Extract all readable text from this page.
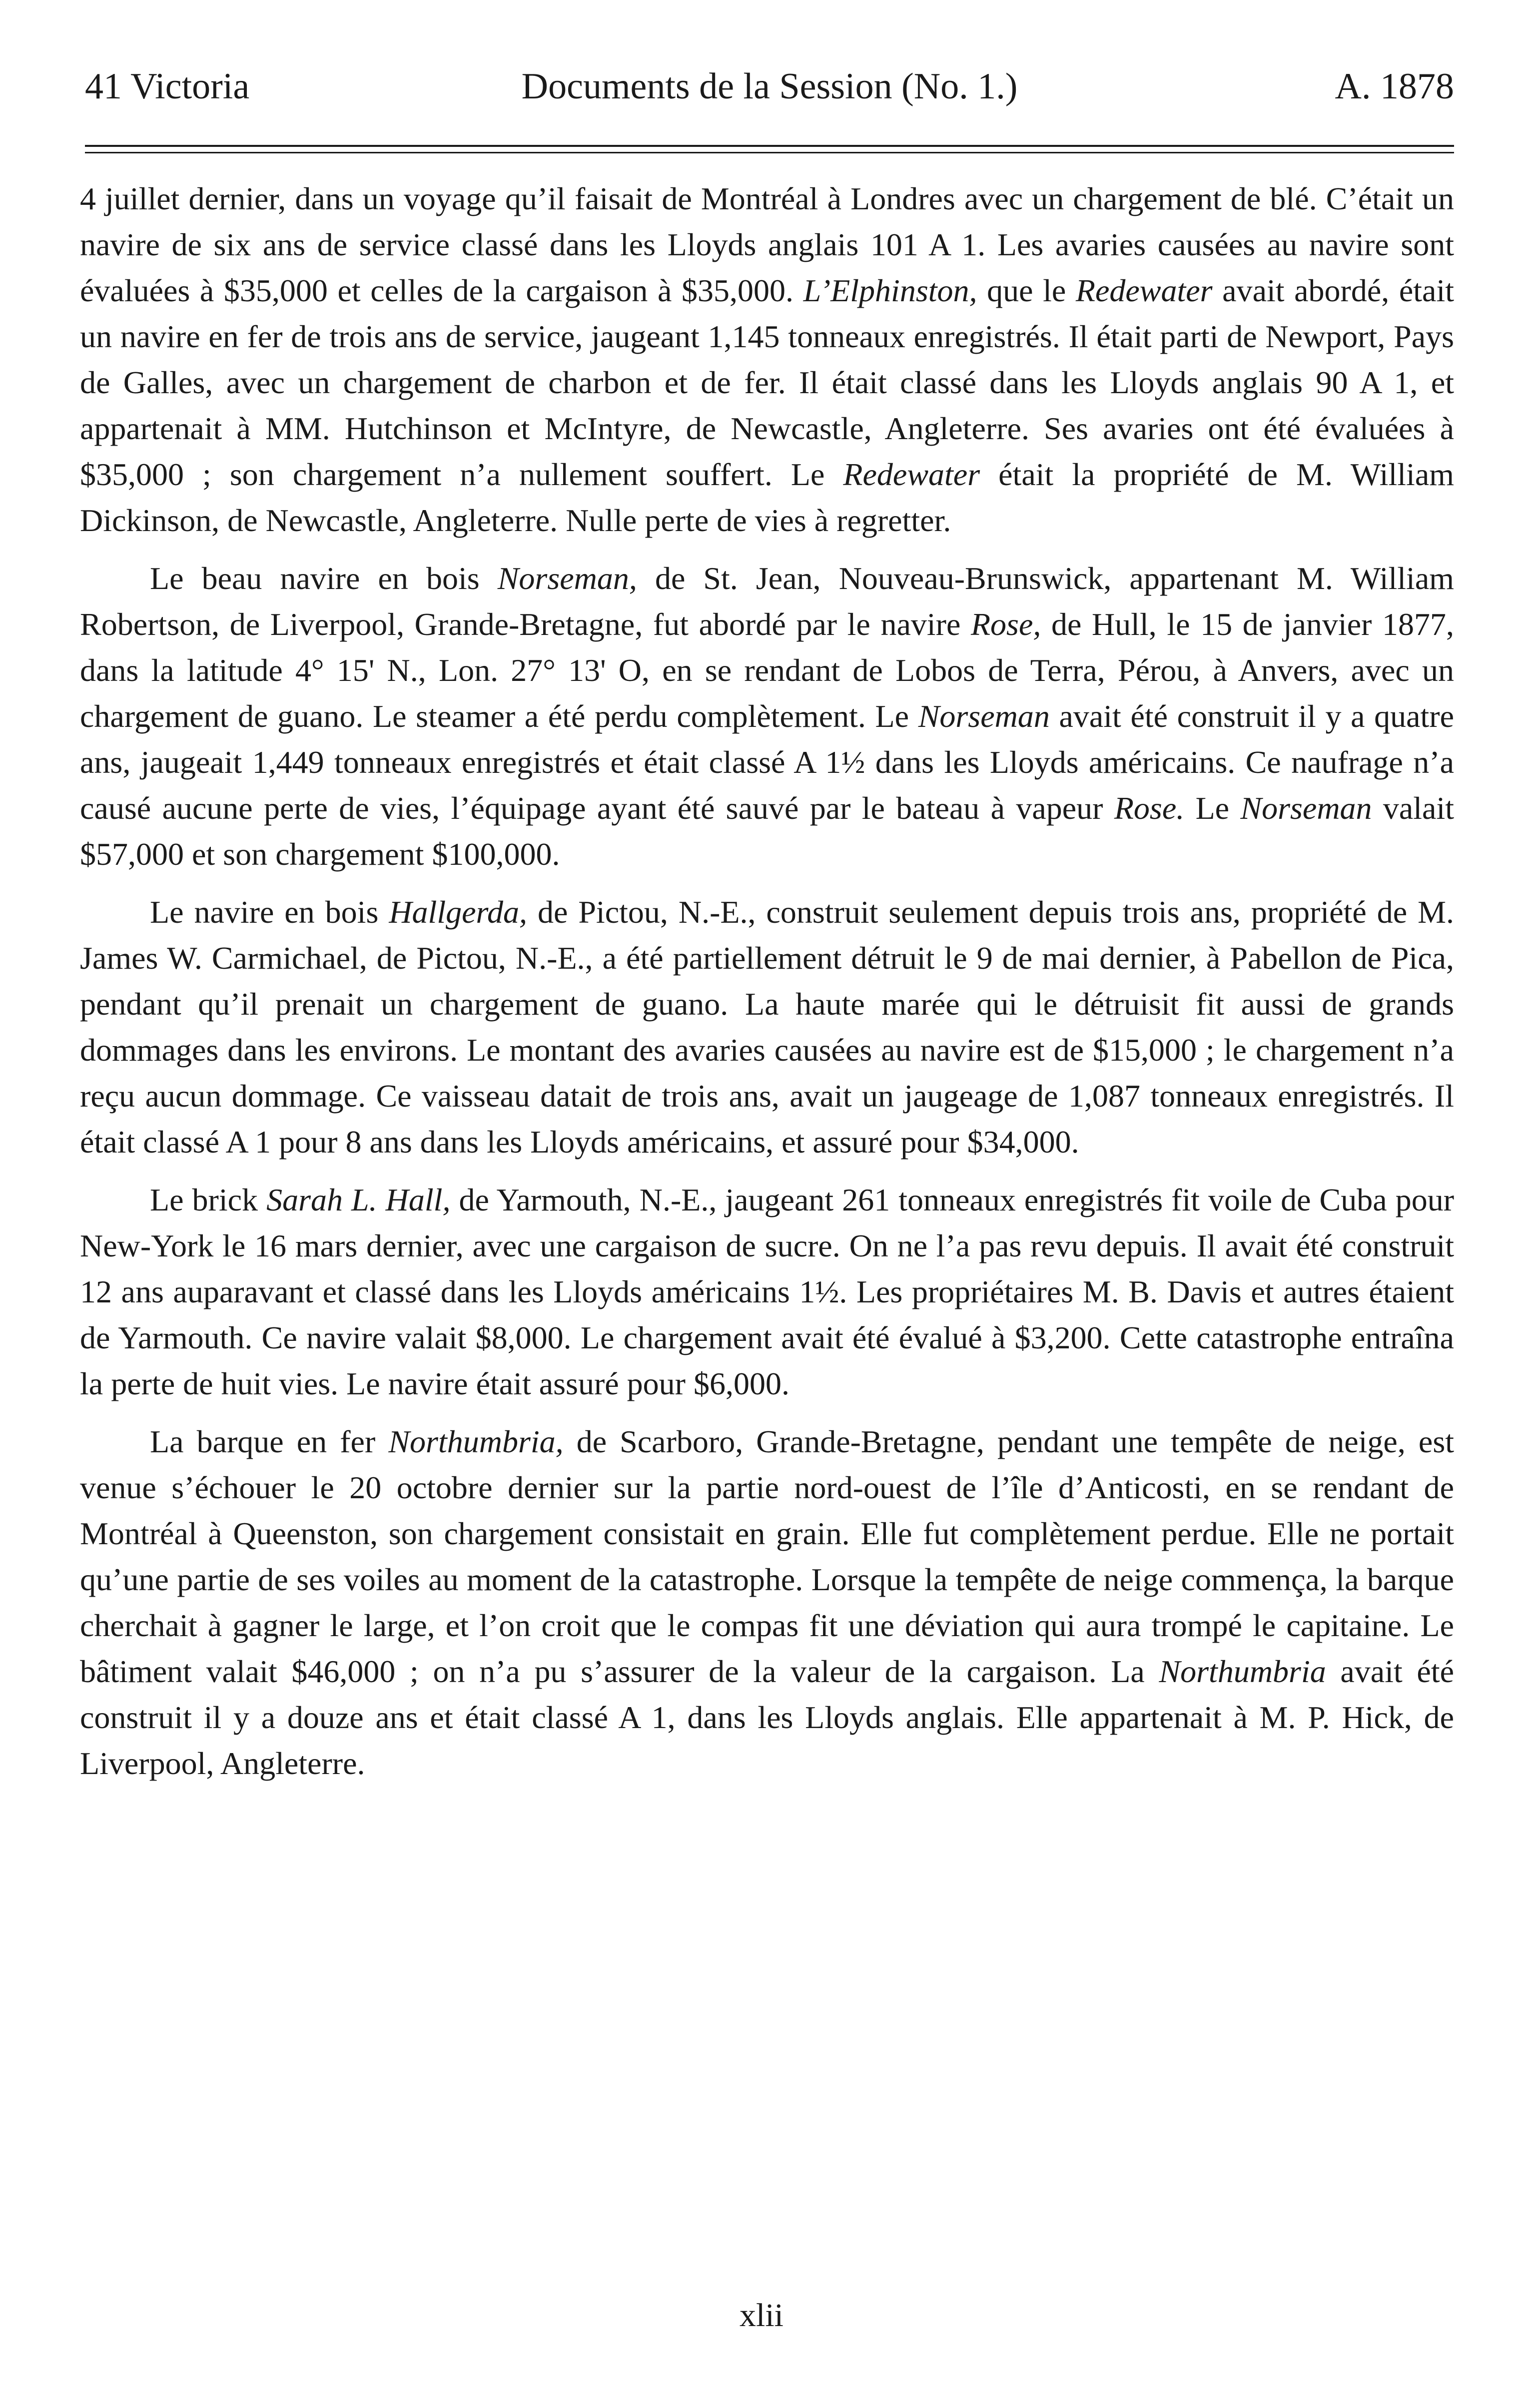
41 Victoria	Documents de la Session (No. 1.)	A. 1878

4 juillet dernier, dans un voyage qu’il faisait de Montréal à Londres avec un chargement de blé. C’était un navire de six ans de service classé dans les Lloyds anglais 101 A 1. Les avaries causées au navire sont évaluées à $35,000 et celles de la cargaison à $35,000. L’Elphinston, que le Redewater avait abordé, était un navire en fer de trois ans de service, jaugeant 1,145 tonneaux enregistrés. Il était parti de Newport, Pays de Galles, avec un chargement de charbon et de fer. Il était classé dans les Lloyds anglais 90 A 1, et appartenait à MM. Hutchinson et McIntyre, de Newcastle, Angleterre. Ses avaries ont été évaluées à $35,000 ; son chargement n’a nullement souffert. Le Redewater était la propriété de M. William Dickinson, de Newcastle, Angleterre. Nulle perte de vies à regretter.

Le beau navire en bois Norseman, de St. Jean, Nouveau-Brunswick, appartenant M. William Robertson, de Liverpool, Grande-Bretagne, fut abordé par le navire Rose, de Hull, le 15 de janvier 1877, dans la latitude 4° 15' N., Lon. 27° 13' O, en se rendant de Lobos de Terra, Pérou, à Anvers, avec un chargement de guano. Le steamer a été perdu complètement. Le Norseman avait été construit il y a quatre ans, jaugeait 1,449 tonneaux enregistrés et était classé A 1½ dans les Lloyds américains. Ce naufrage n’a causé aucune perte de vies, l’équipage ayant été sauvé par le bateau à vapeur Rose. Le Norseman valait $57,000 et son chargement $100,000.

Le navire en bois Hallgerda, de Pictou, N.-E., construit seulement depuis trois ans, propriété de M. James W. Carmichael, de Pictou, N.-E., a été partiellement détruit le 9 de mai dernier, à Pabellon de Pica, pendant qu’il prenait un chargement de guano. La haute marée qui le détruisit fit aussi de grands dommages dans les environs. Le montant des avaries causées au navire est de $15,000 ; le chargement n’a reçu aucun dommage. Ce vaisseau datait de trois ans, avait un jaugeage de 1,087 tonneaux enregistrés. Il était classé A 1 pour 8 ans dans les Lloyds américains, et assuré pour $34,000.

Le brick Sarah L. Hall, de Yarmouth, N.-E., jaugeant 261 tonneaux enregistrés fit voile de Cuba pour New-York le 16 mars dernier, avec une cargaison de sucre. On ne l’a pas revu depuis. Il avait été construit 12 ans auparavant et classé dans les Lloyds américains 1½. Les propriétaires M. B. Davis et autres étaient de Yarmouth. Ce navire valait $8,000. Le chargement avait été évalué à $3,200. Cette catastrophe entraîna la perte de huit vies. Le navire était assuré pour $6,000.

La barque en fer Northumbria, de Scarboro, Grande-Bretagne, pendant une tempête de neige, est venue s’échouer le 20 octobre dernier sur la partie nord-ouest de l’île d’Anticosti, en se rendant de Montréal à Queenston, son chargement consistait en grain. Elle fut complètement perdue. Elle ne portait qu’une partie de ses voiles au moment de la catastrophe. Lorsque la tempête de neige commença, la barque cherchait à gagner le large, et l’on croit que le compas fit une déviation qui aura trompé le capitaine. Le bâtiment valait $46,000 ; on n’a pu s’assurer de la valeur de la cargaison. La Northumbria avait été construit il y a douze ans et était classé A 1, dans les Lloyds anglais. Elle appartenait à M. P. Hick, de Liverpool, Angleterre.

xlii
